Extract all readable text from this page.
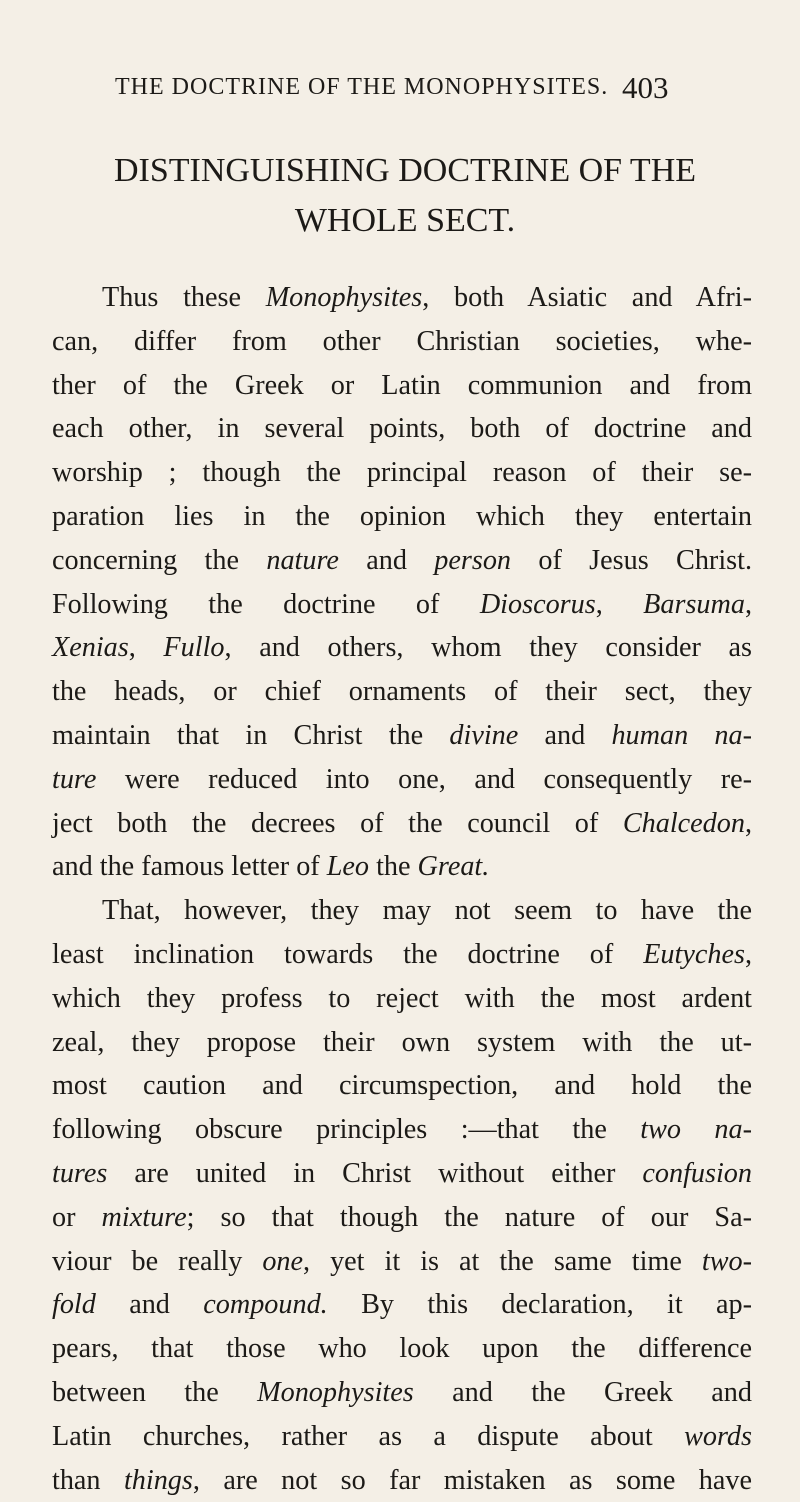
THE DOCTRINE OF THE MONOPHYSITES. 403
DISTINGUISHING DOCTRINE OF THE
WHOLE SECT.
Thus these Monophysites, both Asiatic and Afri-
can, differ from other Christian societies, whe-
ther of the Greek or Latin communion and from
each other, in several points, both of doctrine and
worship ; though the principal reason of their se-
paration lies in the opinion which they entertain
concerning the nature and person of Jesus Christ.
Following the doctrine of Dioscorus, Barsuma,
Xenias, Fullo, and others, whom they consider as
the heads, or chief ornaments of their sect, they
maintain that in Christ the divine and human na-
ture were reduced into one, and consequently re-
ject both the decrees of the council of Chalcedon,
and the famous letter of Leo the Great.
That, however, they may not seem to have the
least inclination towards the doctrine of Eutyches,
which they profess to reject with the most ardent
zeal, they propose their own system with the ut-
most caution and circumspection, and hold the
following obscure principles :—that the two na-
tures are united in Christ without either confusion
or mixture; so that though the nature of our Sa-
viour be really one, yet it is at the same time two-
fold and compound. By this declaration, it ap-
pears, that those who look upon the difference
between the Monophysites and the Greek and
Latin churches, rather as a dispute about words
than things, are not so far mistaken as some have
